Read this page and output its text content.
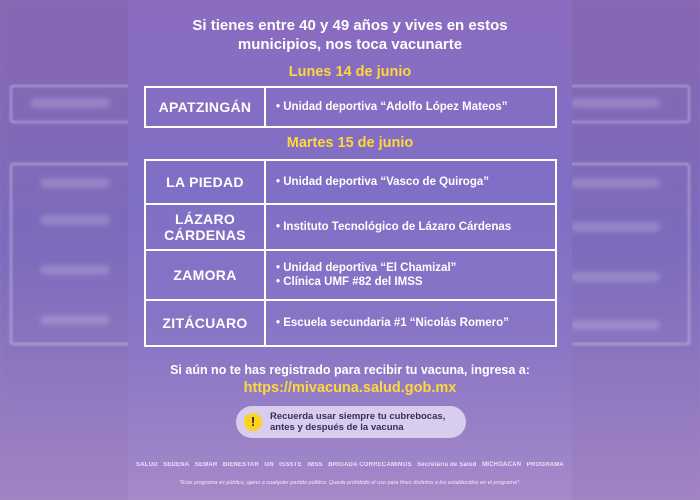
Si tienes entre 40 y 49 años y vives en estos
municipios, nos toca vacunarte
Lunes 14 de junio
APATZINGÁN	• Unidad deportiva “Adolfo López Mateos”
Martes 15 de junio
LA PIEDAD	• Unidad deportiva “Vasco de Quiroga”
LÁZARO
CÁRDENAS	• Instituto Tecnológico de Lázaro Cárdenas
ZAMORA	• Unidad deportiva “El Chamizal”
• Clínica UMF #82 del IMSS
ZITÁCUARO	• Escuela secundaria #1 “Nicolás Romero”
Si aún no te has registrado para recibir tu vacuna, ingresa a:
https://mivacuna.salud.gob.mx
!	Recuerda usar siempre tu cubrebocas,
antes y después de la vacuna
SALUD SEDENA SEMAR BIENESTAR GN ISSSTE IMSS BRIGADA CORRECAMINOS Secretaría de Salud MICHOACÁN PROGRAMA
*Este programa es público, ajeno a cualquier partido político. Queda prohibido el uso para fines distintos a los establecidos en el programa*.
